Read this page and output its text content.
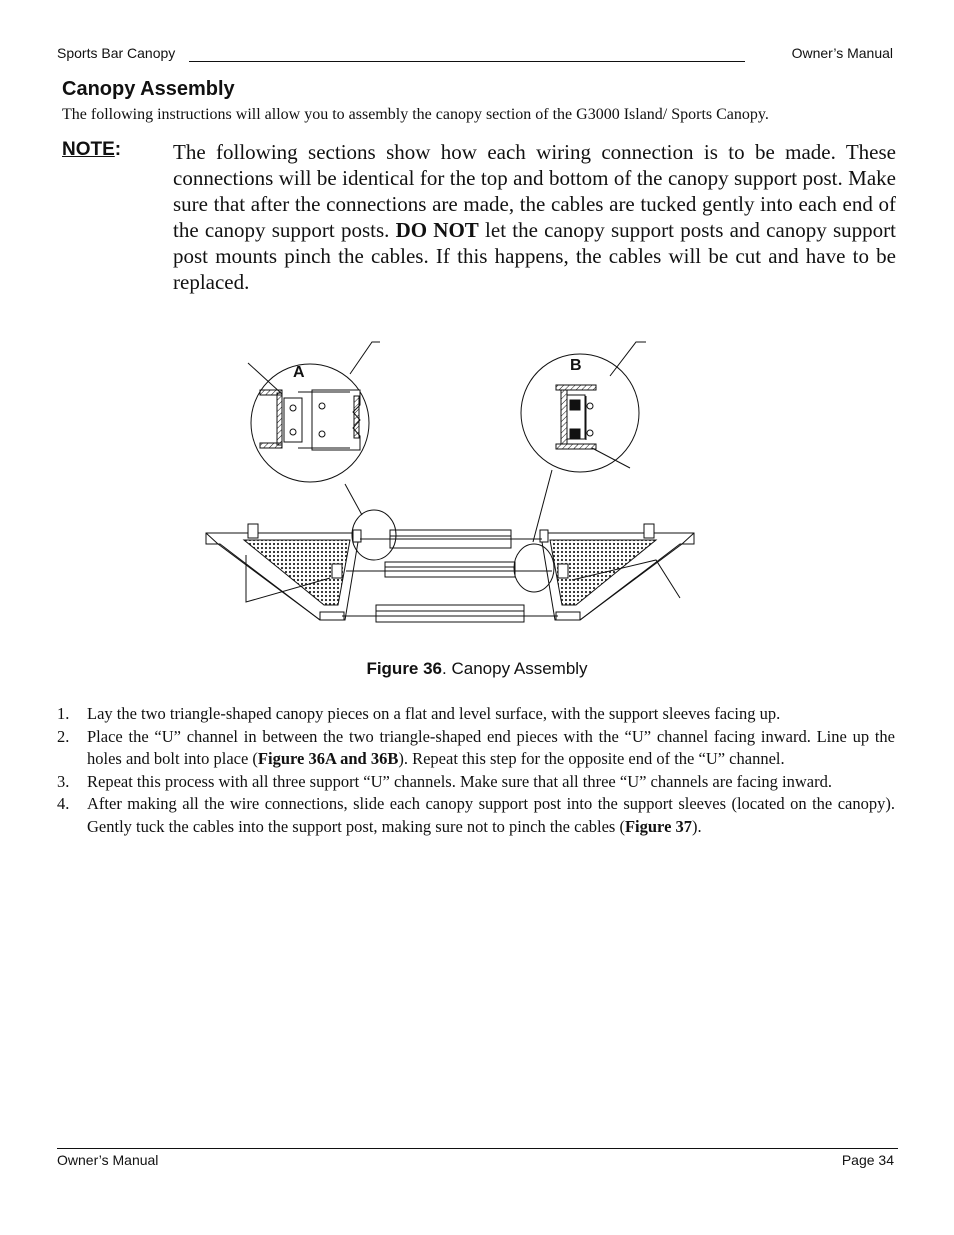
Sports Bar Canopy	Owner’s Manual
Canopy Assembly
The following instructions will allow you to assembly the canopy section of the G3000 Island/ Sports Canopy.
NOTE: The following sections show how each wiring connection is to be made. These connections will be identical for the top and bottom of the canopy support post. Make sure that after the connections are made, the cables are tucked gently into each end of the canopy support posts. DO NOT let the canopy support posts and canopy support post mounts pinch the cables. If this happens, the cables will be cut and have to be replaced.
A	B
Figure 36. Canopy Assembly
1. Lay the two triangle-shaped canopy pieces on a flat and level surface, with the support sleeves facing up.
2. Place the “U” channel in between the two triangle-shaped end pieces with the “U” channel facing inward. Line up the holes and bolt into place (Figure 36A and 36B). Repeat this step for the opposite end of the “U” channel.
3. Repeat this process with all three support “U” channels. Make sure that all three “U” channels are facing inward.
4. After making all the wire connections, slide each canopy support post into the support sleeves (located on the canopy). Gently tuck the cables into the support post, making sure not to pinch the cables (Figure 37).
Owner’s Manual	Page 34
